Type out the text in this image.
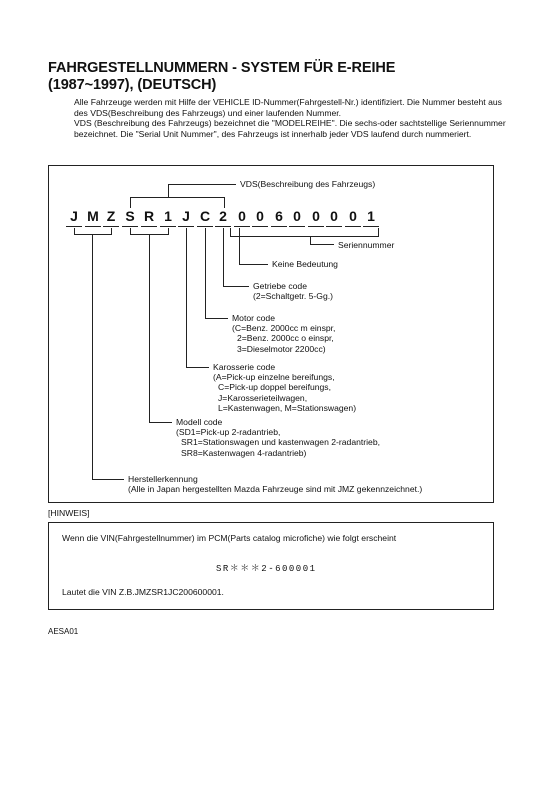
FAHRGESTELLNUMMERN - SYSTEM FÜR E-REIHE
(1987~1997), (DEUTSCH)

Alle Fahrzeuge werden mit Hilfe der VEHICLE ID-Nummer(Fahrgestell-Nr.) identifiziert. Die Nummer besteht aus des VDS(Beschreibung des Fahrzeugs) und einer laufenden Nummer.

VDS (Beschreibung des Fahrzeugs) bezeichnet die "MODELREIHE". Die sechs-oder sachtstellige Seriennummer bezeichnet. Die "Serial Unit Nummer", des Fahrzeugs ist innerhalb jeder VDS laufend durch nummeriert.

J M Z S R 1 J C 2 0 0 6 0 0 0 0 1
VDS(Beschreibung des Fahrzeugs)
Seriennummer
Keine Bedeutung
Getriebe code
(2=Schaltgetr. 5-Gg.)
Motor code
(C=Benz. 2000cc m einspr,
2=Benz. 2000cc o einspr,
3=Dieselmotor 2200cc)
Karosserie code
(A=Pick-up einzelne bereifungs,
C=Pick-up doppel bereifungs,
J=Karosserieteilwagen,
L=Kastenwagen, M=Stationswagen)
Modell code
(SD1=Pick-up 2-radantrieb,
SR1=Stationswagen und kastenwagen 2-radantrieb,
SR8=Kastenwagen 4-radantrieb)
Herstellerkennung
(Alle in Japan hergestellten Mazda Fahrzeuge sind mit JMZ gekennzeichnet.)
[HINWEIS]
Wenn die VIN(Fahrgestellnummer) im PCM(Parts catalog microfiche) wie folgt erscheint
SR＊＊＊2-600001
Lautet die VIN Z.B.JMZSR1JC200600001.
AESA01
